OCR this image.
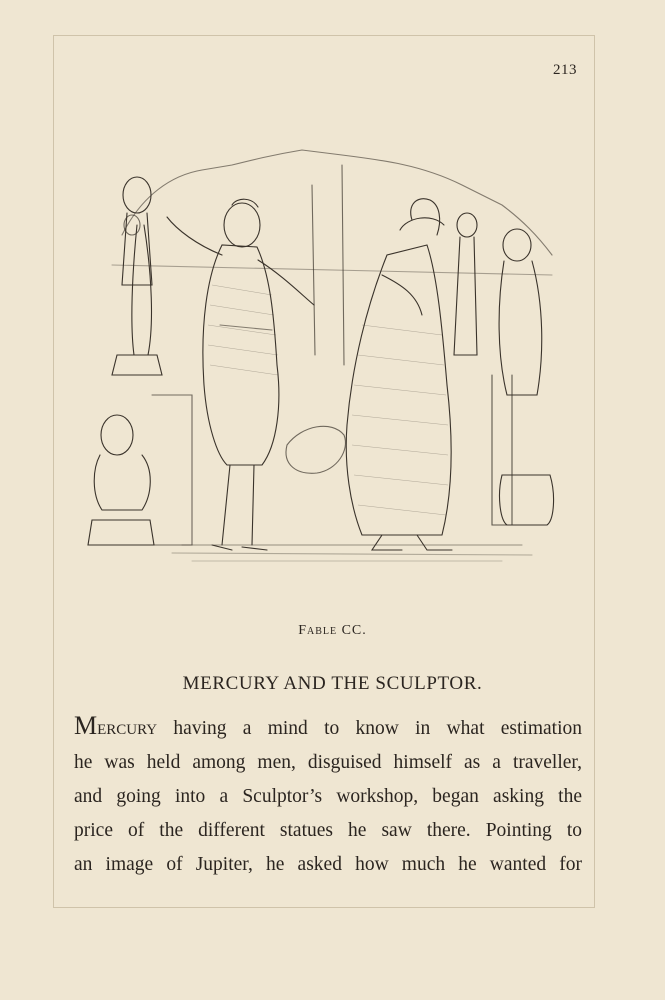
213
Fable CC.
MERCURY AND THE SCULPTOR.
Mercury having a mind to know in what estimation
he was held among men, disguised himself as a traveller,
and going into a Sculptor’s workshop, began asking the
price of the different statues he saw there. Pointing to
an image of Jupiter, he asked how much he wanted for
